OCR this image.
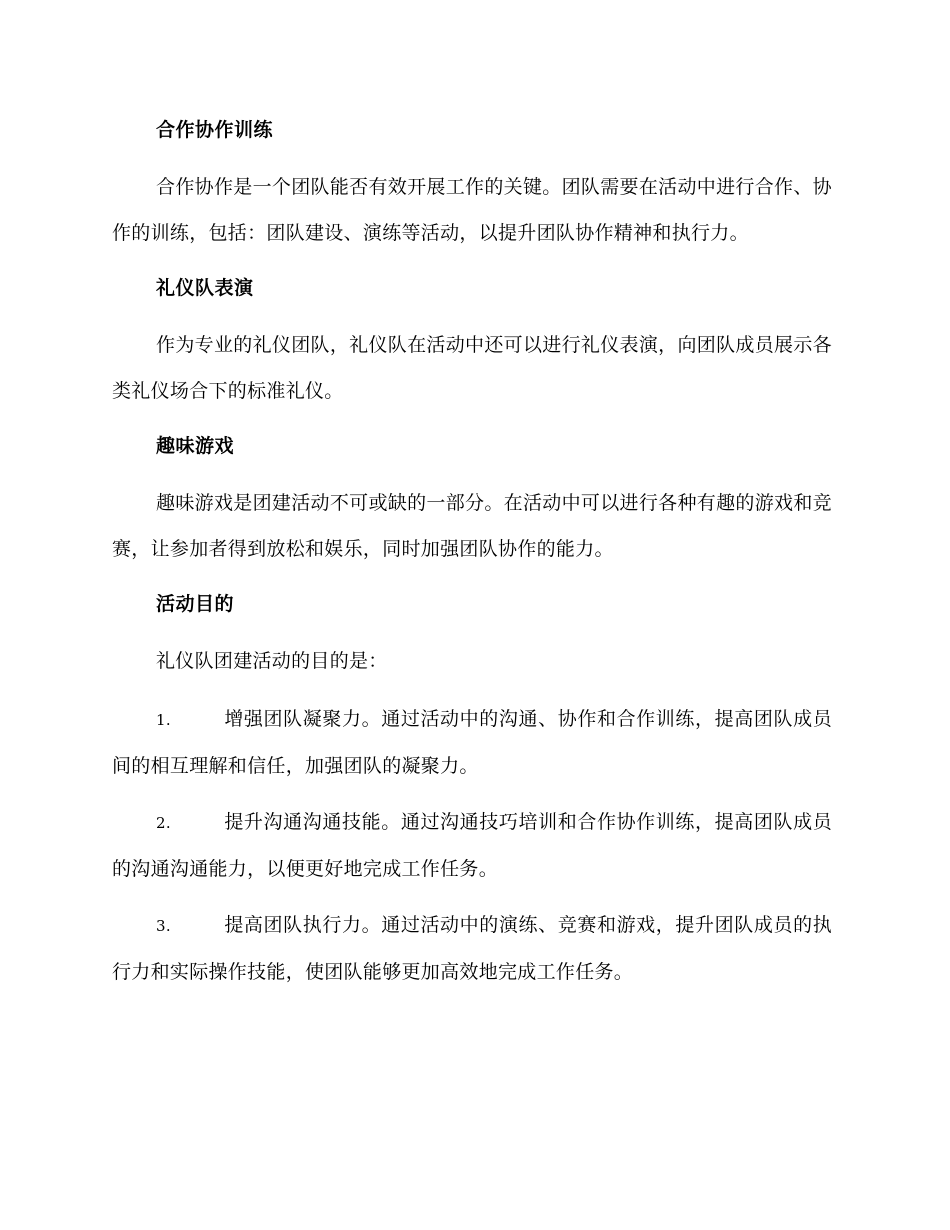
合作协作训练

合作协作是一个团队能否有效开展工作的关键。团队需要在活动中进行合作、协作的训练，包括：团队建设、演练等活动，以提升团队协作精神和执行力。

礼仪队表演

作为专业的礼仪团队，礼仪队在活动中还可以进行礼仪表演，向团队成员展示各类礼仪场合下的标准礼仪。

趣味游戏

趣味游戏是团建活动不可或缺的一部分。在活动中可以进行各种有趣的游戏和竞赛，让参加者得到放松和娱乐，同时加强团队协作的能力。

活动目的

礼仪队团建活动的目的是：

1.	增强团队凝聚力。通过活动中的沟通、协作和合作训练，提高团队成员间的相互理解和信任，加强团队的凝聚力。

2.	提升沟通沟通技能。通过沟通技巧培训和合作协作训练，提高团队成员的沟通沟通能力，以便更好地完成工作任务。

3.	提高团队执行力。通过活动中的演练、竞赛和游戏，提升团队成员的执行力和实际操作技能，使团队能够更加高效地完成工作任务。
